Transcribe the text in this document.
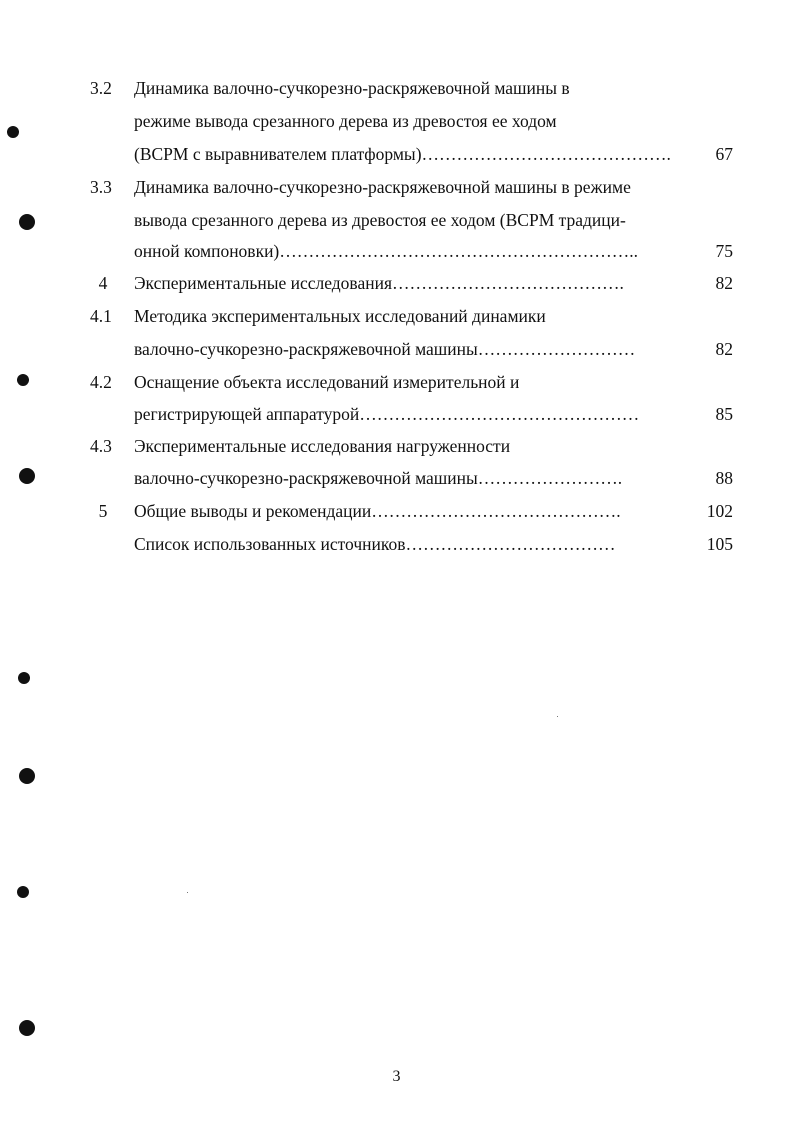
3.2	Динамика валочно-сучкорезно-раскряжевочной машины в
режиме вывода срезанного дерева из древостоя ее ходом
(ВСРМ с выравнивателем платформы)…………………………………….	67
3.3	Динамика валочно-сучкорезно-раскряжевочной машины в режиме
вывода срезанного дерева из древостоя ее ходом (ВСРМ традици-
онной компоновки)……………………………………………………..	75
4	Экспериментальные исследования………………………………….	82
4.1	Методика экспериментальных исследований динамики
валочно-сучкорезно-раскряжевочной машины………………………	82
4.2	Оснащение объекта исследований измерительной и
регистрирующей аппаратурой…………………………………………	85
4.3	Экспериментальные исследования нагруженности
валочно-сучкорезно-раскряжевочной машины…………………….	88
5	Общие выводы и рекомендации…………………………………….	102
Список использованных источников………………………………	105
3
